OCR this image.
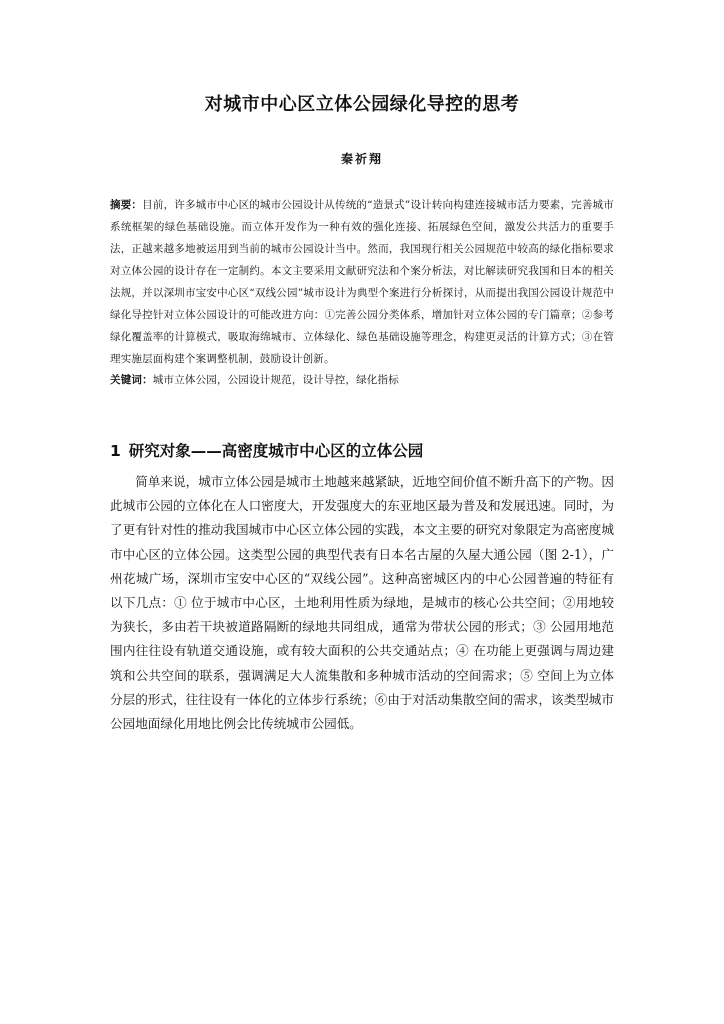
对城市中心区立体公园绿化导控的思考
秦祈翔
摘要：目前，许多城市中心区的城市公园设计从传统的“造景式”设计转向构建连接城市活力要素，完善城市系统框架的绿色基础设施。而立体开发作为一种有效的强化连接、拓展绿色空间，激发公共活力的重要手法，正越来越多地被运用到当前的城市公园设计当中。然而，我国现行相关公园规范中较高的绿化指标要求对立体公园的设计存在一定制约。本文主要采用文献研究法和个案分析法，对比解读研究我国和日本的相关法规，并以深圳市宝安中心区“双线公园”城市设计为典型个案进行分析探讨，从而提出我国公园设计规范中绿化导控针对立体公园设计的可能改进方向：①完善公园分类体系，增加针对立体公园的专门篇章；②参考绿化覆盖率的计算模式，吸取海绵城市、立体绿化、绿色基础设施等理念，构建更灵活的计算方式；③在管理实施层面构建个案调整机制，鼓励设计创新。
关键词：城市立体公园，公园设计规范，设计导控，绿化指标
1 研究对象——高密度城市中心区的立体公园
简单来说，城市立体公园是城市土地越来越紧缺，近地空间价值不断升高下的产物。因此城市公园的立体化在人口密度大，开发强度大的东亚地区最为普及和发展迅速。同时，为了更有针对性的推动我国城市中心区立体公园的实践，本文主要的研究对象限定为高密度城市中心区的立体公园。这类型公园的典型代表有日本名古屋的久屋大通公园（图 2-1），广州花城广场，深圳市宝安中心区的“双线公园”。这种高密城区内的中心公园普遍的特征有以下几点：① 位于城市中心区，土地利用性质为绿地，是城市的核心公共空间；②用地较为狭长，多由若干块被道路隔断的绿地共同组成，通常为带状公园的形式；③ 公园用地范围内往往设有轨道交通设施，或有较大面积的公共交通站点；④ 在功能上更强调与周边建筑和公共空间的联系，强调满足大人流集散和多种城市活动的空间需求；⑤ 空间上为立体分层的形式，往往设有一体化的立体步行系统；⑥由于对活动集散空间的需求，该类型城市公园地面绿化用地比例会比传统城市公园低。
